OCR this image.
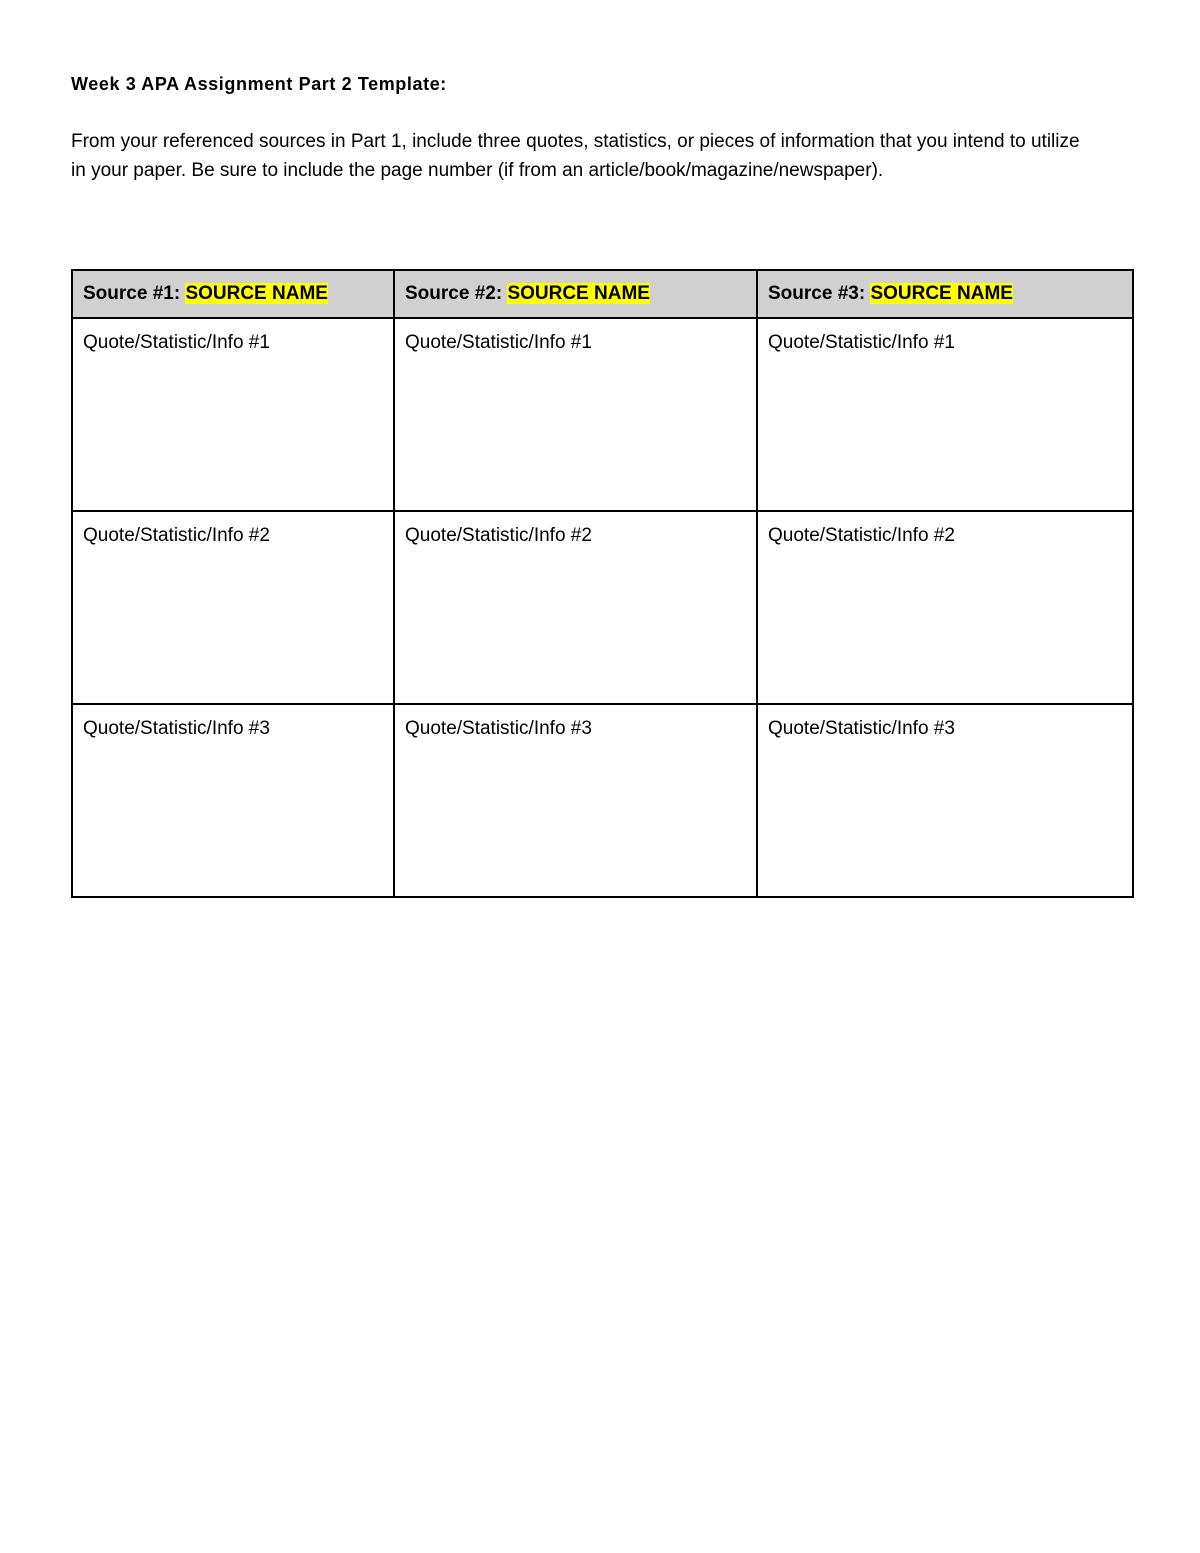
Week 3 APA Assignment Part 2 Template:
From your referenced sources in Part 1, include three quotes, statistics, or pieces of information that you intend to utilize in your paper. Be sure to include the page number (if from an article/book/magazine/newspaper).
Source #1: SOURCE NAME	Source #2: SOURCE NAME	Source #3: SOURCE NAME
Quote/Statistic/Info #1	Quote/Statistic/Info #1	Quote/Statistic/Info #1
Quote/Statistic/Info #2	Quote/Statistic/Info #2	Quote/Statistic/Info #2
Quote/Statistic/Info #3	Quote/Statistic/Info #3	Quote/Statistic/Info #3
